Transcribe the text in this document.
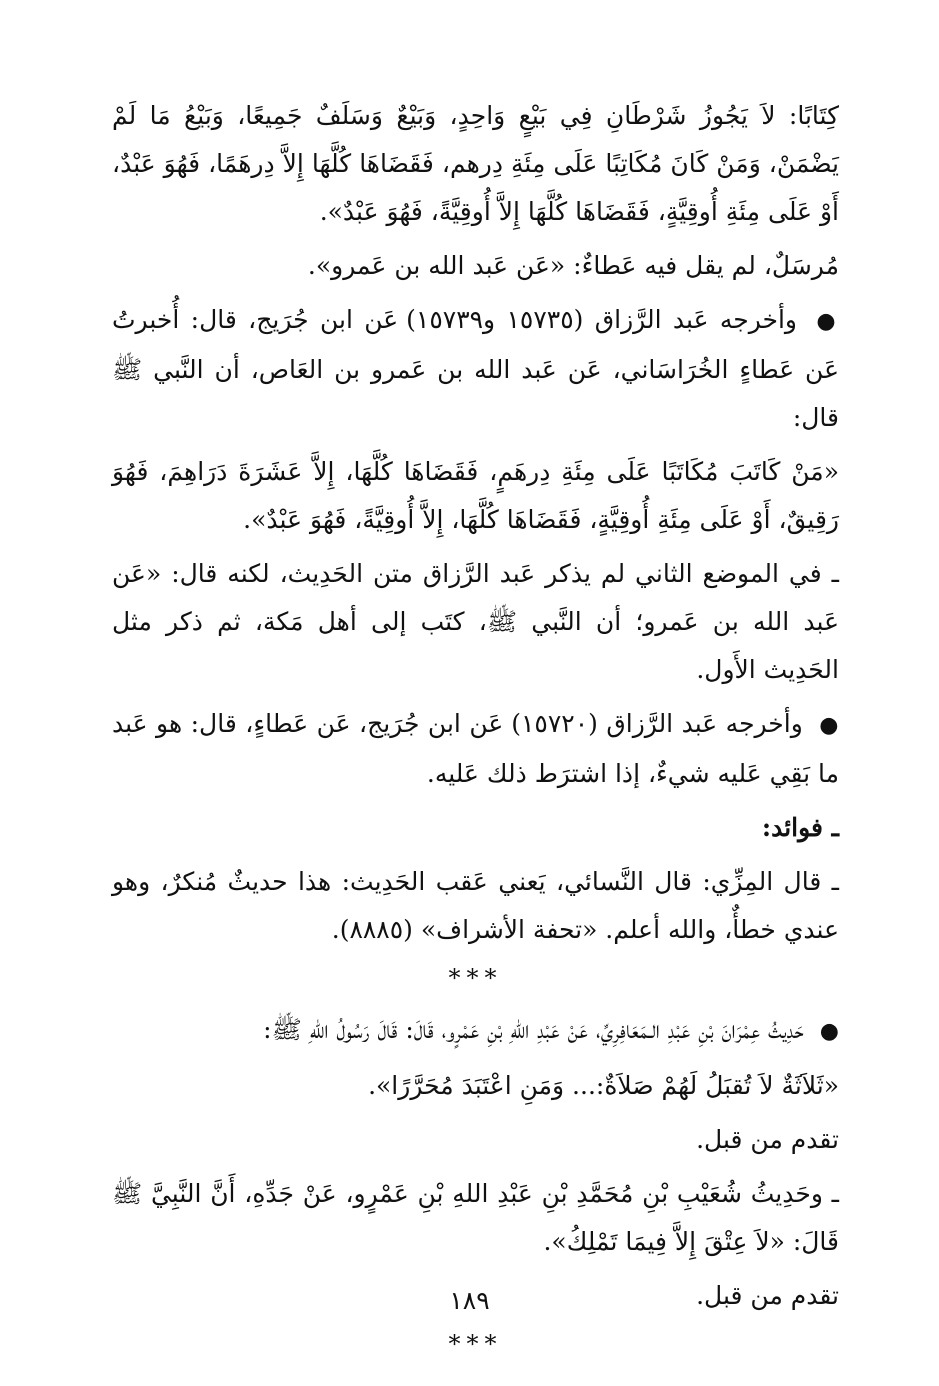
كِتَابًا: لاَ يَجُوزُ شَرْطَانِ فِي بَيْعٍ وَاحِدٍ، وَبَيْعٌ وَسَلَفٌ جَمِيعًا، وَبَيْعُ مَا لَمْ يَضْمَنْ، وَمَنْ كَانَ مُكَاتِبًا عَلَى مِئَةِ دِرهم، فَقَضَاهَا كُلَّهَا إِلاَّ دِرهَمًا، فَهُوَ عَبْدٌ، أَوْ عَلَى مِئَةِ أُوقِيَّةٍ، فَقَضَاهَا كُلَّهَا إِلاَّ أُوقِيَّةً، فَهُوَ عَبْدٌ».

مُرسَلٌ، لم يقل فيه عَطاءٌ: «عَن عَبد الله بن عَمرو».

● وأخرجه عَبد الرَّزاق (١٥٧٣٥ و١٥٧٣٩) عَن ابن جُرَيج، قال: أُخبرتُ عَن عَطاءٍ الخُرَاسَاني، عَن عَبد الله بن عَمرو بن العَاص، أن النَّبي ﷺ قال:

«مَنْ كَاتَبَ مُكَاتَبًا عَلَى مِئَةِ دِرهَمٍ، فَقَضَاهَا كُلَّهَا، إِلاَّ عَشَرَةَ دَرَاهِمَ، فَهُوَ رَقِيقٌ، أَوْ عَلَى مِئَةِ أُوقِيَّةٍ، فَقَضَاهَا كُلَّهَا، إِلاَّ أُوقِيَّةً، فَهُوَ عَبْدٌ».

ـ في الموضع الثاني لم يذكر عَبد الرَّزاق متن الحَدِيث، لكنه قال: «عَن عَبد الله بن عَمرو؛ أن النَّبي ﷺ، كتَب إلى أهل مَكة، ثم ذكر مثل الحَدِيث الأَول.

● وأخرجه عَبد الرَّزاق (١٥٧٢٠) عَن ابن جُرَيج، عَن عَطاءٍ، قال: هو عَبد ما بَقِي عَليه شيءٌ، إذا اشترَط ذلك عَليه.

ـ فوائد:

ـ قال المِزِّي: قال النَّسائي، يَعني عَقب الحَدِيث: هذا حديثٌ مُنكرٌ، وهو عندي خطأٌ، والله أعلم. «تحفة الأشراف» (٨٨٨٥).

***

● حَدِيثُ عِمْرَانَ بْنِ عَبْدِ الـمَعَافِرِيِّ، عَنْ عَبْدِ اللهِ بْنِ عَمْرٍو، قَالَ: قَالَ رَسُولُ اللهِ ﷺ:

«ثَلاَثَةٌ لاَ تُقبَلُ لَهُمْ صَلاَةٌ:... وَمَنِ اعْتَبَدَ مُحَرَّرًا».

تقدم من قبل.

ـ وحَدِيثُ شُعَيْبِ بْنِ مُحَمَّدِ بْنِ عَبْدِ اللهِ بْنِ عَمْرٍو، عَنْ جَدِّهِ، أَنَّ النَّبِيَّ ﷺ قَالَ: «لاَ عِتْقَ إِلاَّ فِيمَا تَمْلِكُ».

تقدم من قبل.

***
١٨٩
